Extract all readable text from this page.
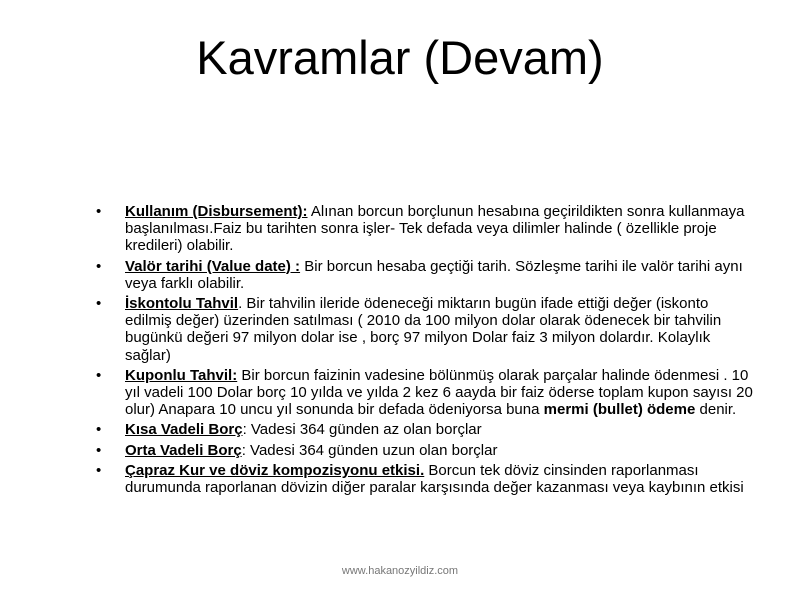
Kavramlar (Devam)
• Kullanım (Disbursement): Alınan borcun borçlunun hesabına geçirildikten sonra kullanmaya başlanılması.Faiz bu tarihten sonra işler- Tek defada veya dilimler halinde ( özellikle proje kredileri) olabilir.
• Valör tarihi (Value date) : Bir borcun hesaba geçtiği tarih. Sözleşme tarihi ile valör tarihi aynı veya farklı olabilir.
• İskontolu Tahvil. Bir tahvilin ileride ödeneceği miktarın bugün ifade ettiği değer (iskonto edilmiş değer) üzerinden satılması ( 2010 da 100 milyon dolar olarak ödenecek bir tahvilin bugünkü değeri 97 milyon dolar ise , borç 97 milyon Dolar faiz 3 milyon dolardır. Kolaylık sağlar)
• Kuponlu Tahvil: Bir borcun faizinin vadesine bölünmüş olarak parçalar halinde ödenmesi . 10 yıl vadeli 100 Dolar borç 10 yılda ve yılda 2 kez 6 aayda bir faiz öderse toplam kupon sayısı 20 olur) Anapara 10 uncu yıl sonunda bir defada ödeniyorsa buna mermi (bullet) ödeme denir.
• Kısa Vadeli Borç: Vadesi 364 günden az olan borçlar
• Orta Vadeli Borç: Vadesi 364 günden uzun olan borçlar
• Çapraz Kur ve döviz kompozisyonu etkisi. Borcun tek döviz cinsinden raporlanması durumunda raporlanan dövizin diğer paralar karşısında değer kazanması veya kaybının etkisi
www.hakanozyildiz.com
